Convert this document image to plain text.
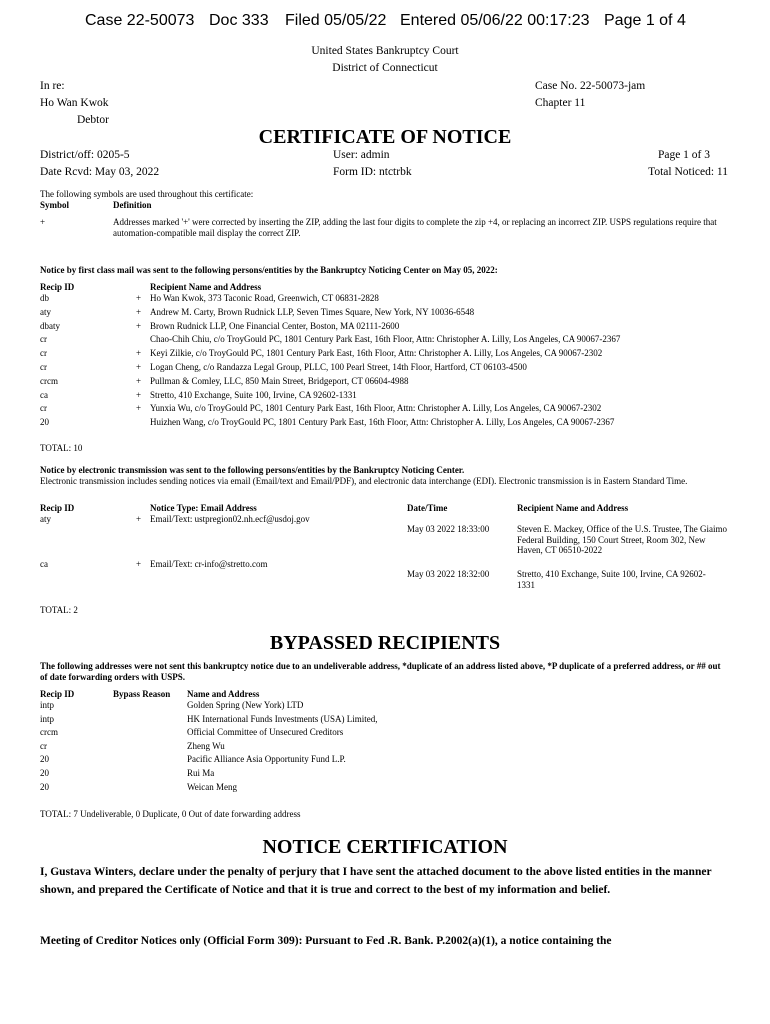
Case 22-50073 Doc 333 Filed 05/05/22 Entered 05/06/22 00:17:23 Page 1 of 4
United States Bankruptcy Court
District of Connecticut
In re:
Ho Wan Kwok
Debtor
Case No. 22-50073-jam
Chapter 11
CERTIFICATE OF NOTICE
District/off: 0205-5	User: admin	Page 1 of 3
Date Rcvd: May 03, 2022	Form ID: ntctrbk	Total Noticed: 11
The following symbols are used throughout this certificate:
Symbol	Definition
+	Addresses marked '+' were corrected by inserting the ZIP, adding the last four digits to complete the zip +4, or replacing an incorrect ZIP. USPS regulations require that automation-compatible mail display the correct ZIP.
Notice by first class mail was sent to the following persons/entities by the Bankruptcy Noticing Center on May 05, 2022:
Recip ID	Recipient Name and Address
db	+ Ho Wan Kwok, 373 Taconic Road, Greenwich, CT 06831-2828
aty	+ Andrew M. Carty, Brown Rudnick LLP, Seven Times Square, New York, NY 10036-6548
dbaty	+ Brown Rudnick LLP, One Financial Center, Boston, MA 02111-2600
cr	Chao-Chih Chiu, c/o TroyGould PC, 1801 Century Park East, 16th Floor, Attn: Christopher A. Lilly, Los Angeles, CA 90067-2367
cr	+ Keyi Zilkie, c/o TroyGould PC, 1801 Century Park East, 16th Floor, Attn: Christopher A. Lilly, Los Angeles, CA 90067-2302
cr	+ Logan Cheng, c/o Randazza Legal Group, PLLC, 100 Pearl Street, 14th Floor, Hartford, CT 06103-4500
crcm	+ Pullman & Comley, LLC, 850 Main Street, Bridgeport, CT 06604-4988
ca	+ Stretto, 410 Exchange, Suite 100, Irvine, CA 92602-1331
cr	+ Yunxia Wu, c/o TroyGould PC, 1801 Century Park East, 16th Floor, Attn: Christopher A. Lilly, Los Angeles, CA 90067-2302
20	Huizhen Wang, c/o TroyGould PC, 1801 Century Park East, 16th Floor, Attn: Christopher A. Lilly, Los Angeles, CA 90067-2367
TOTAL: 10
Notice by electronic transmission was sent to the following persons/entities by the Bankruptcy Noticing Center.
Electronic transmission includes sending notices via email (Email/text and Email/PDF), and electronic data interchange (EDI). Electronic transmission is in Eastern Standard Time.
Recip ID	Notice Type: Email Address	Date/Time	Recipient Name and Address
aty	+ Email/Text: ustpregion02.nh.ecf@usdoj.gov
May 03 2022 18:33:00	Steven E. Mackey, Office of the U.S. Trustee, The Giaimo Federal Building, 150 Court Street, Room 302, New Haven, CT 06510-2022
ca	+ Email/Text: cr-info@stretto.com
May 03 2022 18:32:00	Stretto, 410 Exchange, Suite 100, Irvine, CA 92602-1331
TOTAL: 2
BYPASSED RECIPIENTS
The following addresses were not sent this bankruptcy notice due to an undeliverable address, *duplicate of an address listed above, *P duplicate of a preferred address, or ## out of date forwarding orders with USPS.
Recip ID	Bypass Reason Name and Address
intp	Golden Spring (New York) LTD
intp	HK International Funds Investments (USA) Limited,
crcm	Official Committee of Unsecured Creditors
cr	Zheng Wu
20	Pacific Alliance Asia Opportunity Fund L.P.
20	Rui Ma
20	Weican Meng
TOTAL: 7 Undeliverable, 0 Duplicate, 0 Out of date forwarding address
NOTICE CERTIFICATION
I, Gustava Winters, declare under the penalty of perjury that I have sent the attached document to the above listed entities in the manner shown, and prepared the Certificate of Notice and that it is true and correct to the best of my information and belief.
Meeting of Creditor Notices only (Official Form 309): Pursuant to Fed .R. Bank. P.2002(a)(1), a notice containing the
